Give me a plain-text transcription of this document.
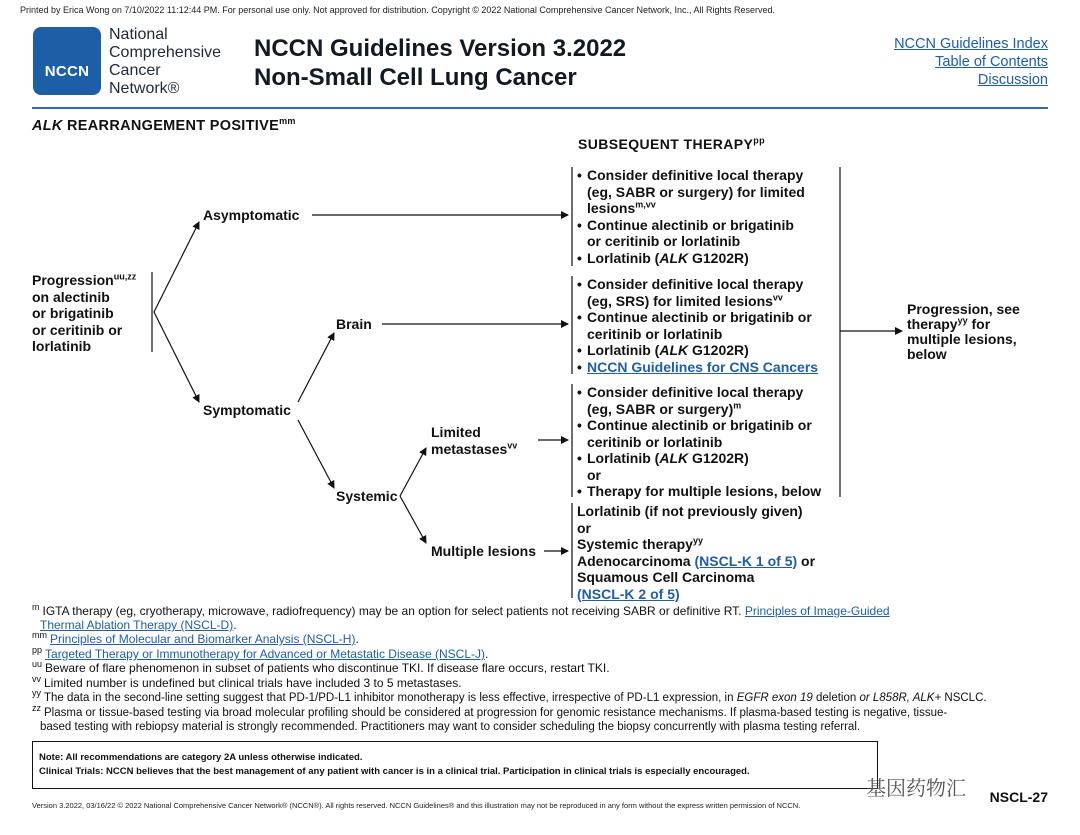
Printed by Erica Wong on 7/10/2022 11:12:44 PM. For personal use only. Not approved for distribution. Copyright © 2022 National Comprehensive Cancer Network, Inc., All Rights Reserved.
NCCN
National
Comprehensive
Cancer
Network®
NCCN Guidelines Version 3.2022
Non-Small Cell Lung Cancer
NCCN Guidelines Index
Table of Contents
Discussion
ALK REARRANGEMENT $POSITIVE^{mm}$
SUBSEQUENT $THERAPY^{pp}$
Progression$^{uu,zz}$
on alectinib
or brigatinib
or ceritinib or
lorlatinib
Asymptomatic
Symptomatic
Brain
Systemic
Limited
metastases$^{vv}$
Multiple lesions
• Consider definitive local therapy
(eg, SABR or surgery) for limited
lesions$^{m,vv}$
• Continue alectinib or brigatinib
or ceritinib or lorlatinib
• Lorlatinib (ALK G1202R)
• Consider definitive local therapy
(eg, SRS) for limited lesions$^{vv}$
• Continue alectinib or brigatinib or
ceritinib or lorlatinib
• Lorlatinib (ALK G1202R)
• NCCN Guidelines for CNS Cancers
• Consider definitive local therapy
(eg, SABR or surgery)$^m$
• Continue alectinib or brigatinib or
ceritinib or lorlatinib
• Lorlatinib (ALK G1202R)
or
• Therapy for multiple lesions, below
Lorlatinib (if not previously given)
or
Systemic therapy$^{yy}$
Adenocarcinoma (NSCL-K 1 of 5) or
Squamous Cell Carcinoma
(NSCL-K 2 of 5)
Progression, see
therapy$^{yy}$ for
multiple lesions,
below
$^m$ IGTA therapy (eg, cryotherapy, microwave, radiofrequency) may be an option for select patients not receiving SABR or definitive RT. Principles of Image-Guided
Thermal Ablation Therapy (NSCL-D).
$^{mm}$ Principles of Molecular and Biomarker Analysis (NSCL-H).
$^{pp}$ Targeted Therapy or Immunotherapy for Advanced or Metastatic Disease (NSCL-J).
$^{uu}$ Beware of flare phenomenon in subset of patients who discontinue TKI. If disease flare occurs, restart TKI.
$^{vv}$ Limited number is undefined but clinical trials have included 3 to 5 metastases.
$^{yy}$ The data in the second-line setting suggest that PD-1/PD-L1 inhibitor monotherapy is less effective, irrespective of PD-L1 expression, in EGFR exon 19 deletion or L858R, ALK+ NSCLC.
$^{zz}$ Plasma or tissue-based testing via broad molecular profiling should be considered at progression for genomic resistance mechanisms. If plasma-based testing is negative, tissue-
based testing with rebiopsy material is strongly recommended. Practitioners may want to consider scheduling the biopsy concurrently with plasma testing referral.
Note: All recommendations are category 2A unless otherwise indicated.
Clinical Trials: NCCN believes that the best management of any patient with cancer is in a clinical trial. Participation in clinical trials is especially encouraged.
基因药物汇 NSCL-27
Version 3.2022, 03/16/22 © 2022 National Comprehensive Cancer Network® (NCCN®). All rights reserved. NCCN Guidelines® and this illustration may not be reproduced in any form without the express written permission of NCCN.
